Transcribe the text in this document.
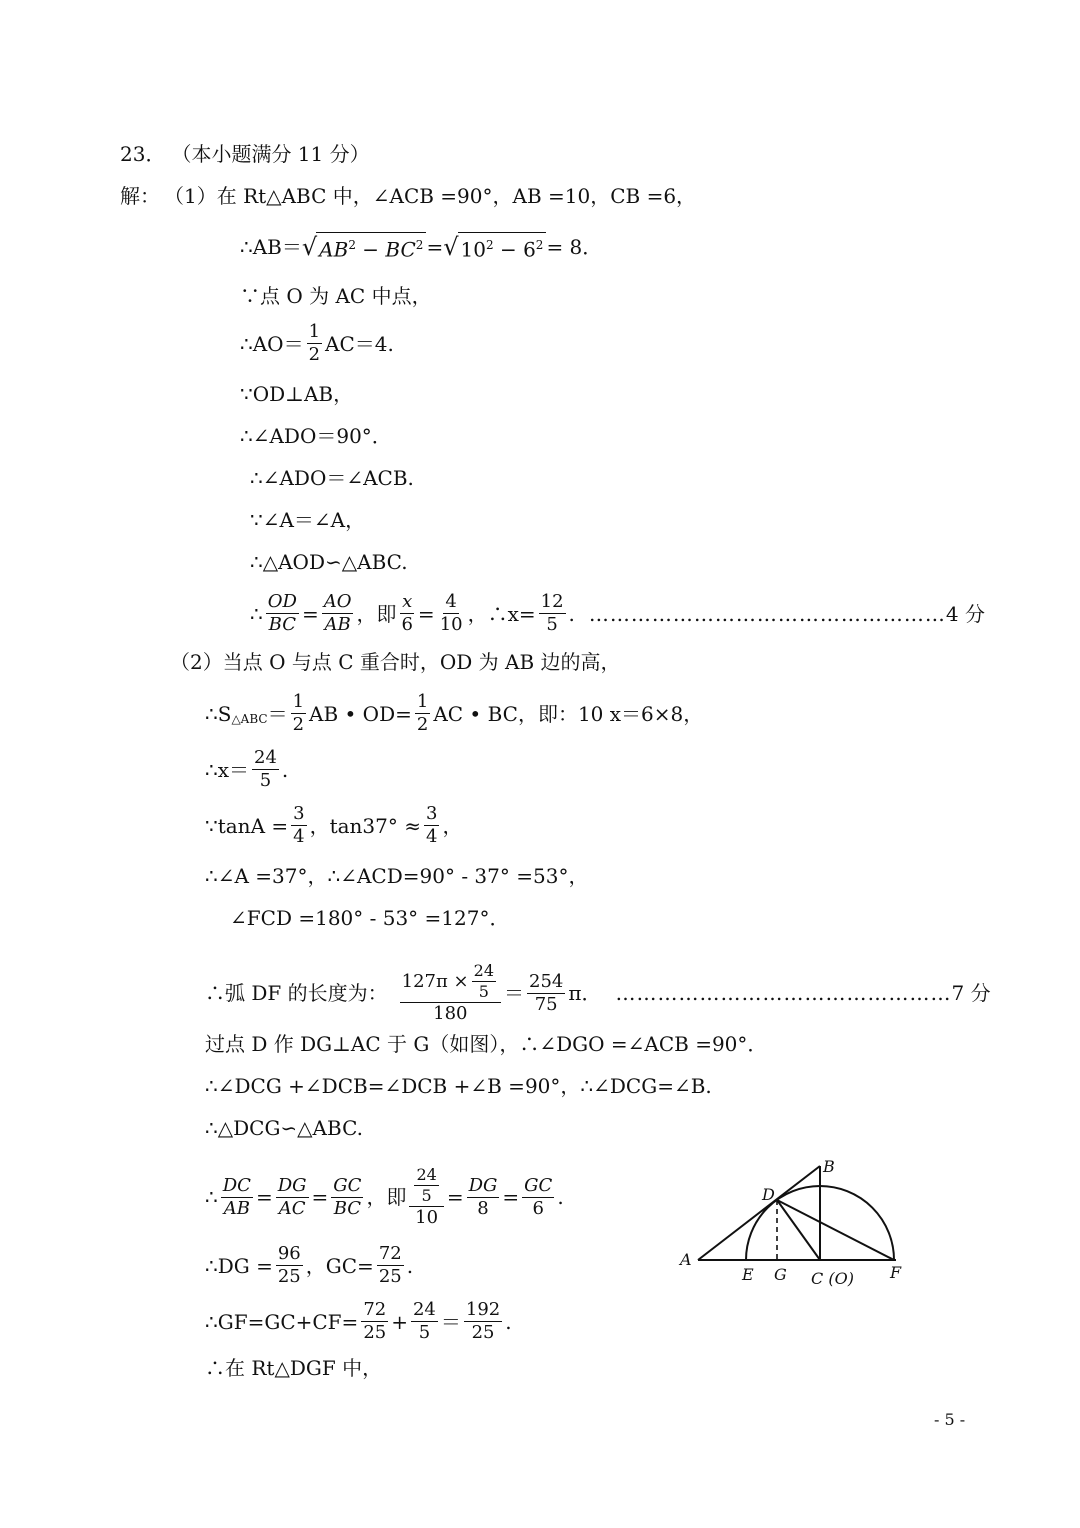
23． （本小题满分 11 分）
解： （1） 在 Rt△ABC 中，∠ACB =90°，AB =10，CB =6，
∴AB＝ √ $AB^2 - BC^2$ = √ $10^2 - 6^2 = 8$．
∵点 O 为 AC 中点，
∴AO＝ $\frac{1}{2} AC=4$.
∵OD⊥AB，
∴∠ADO＝90°．
∴∠ADO＝∠ACB.
∵∠A＝∠A，
∴△AOD∽△ABC.
∴ $\frac{OD}{BC} = \frac{AO}{AB}$ ，即 $\frac{x}{6} = \frac{4}{10}$ ，∴x= $\frac{12}{5}$ . …………………………………………… 4 分
（2）当点 O 与点 C 重合时，OD 为 AB 边的高，
$\therefore S_{\triangle ABC} = \frac{1}{2}$ AB • $OD= \frac{1}{2}$ AC • BC，即：10 x＝6×8，
∴x＝ $\frac{24}{5}$ .
∵tanA = $\frac{3}{4}$ ，$\tan 37^\circ \approx \frac{3}{4}$ ，
∴∠A =37°，∴∠ACD=90° - 37° =53°，
∠FCD =180° - 53° =127°．
∴弧 DF 的长度为： $\frac{127\pi \times \frac{24}{5}}{180} = \frac{254}{75}$ π． ………………………………………… 7 分
过点 D 作 DG⊥AC 于 G（如图），∴∠DGO =∠ACB =90°．
∴∠DCG +∠DCB=∠DCB +∠B =90°，∴∠DCG=∠B.
∴△DCG∽△ABC.
∴ $\frac{DC}{AB} = \frac{DG}{AC} = \frac{GC}{BC}$ ，即 $\frac{\frac{24}{5}}{10} = \frac{DG}{8} = \frac{GC}{6}$ .
∴DG = $\frac{96}{25}$ ，$GC= \frac{72}{25}$ .
∴GF=GC+CF= $\frac{72}{25} + \frac{24}{5} = \frac{192}{25}$ .
∴在 Rt△DGF 中，
A
B
D
E G C (O) F
- 5 -
